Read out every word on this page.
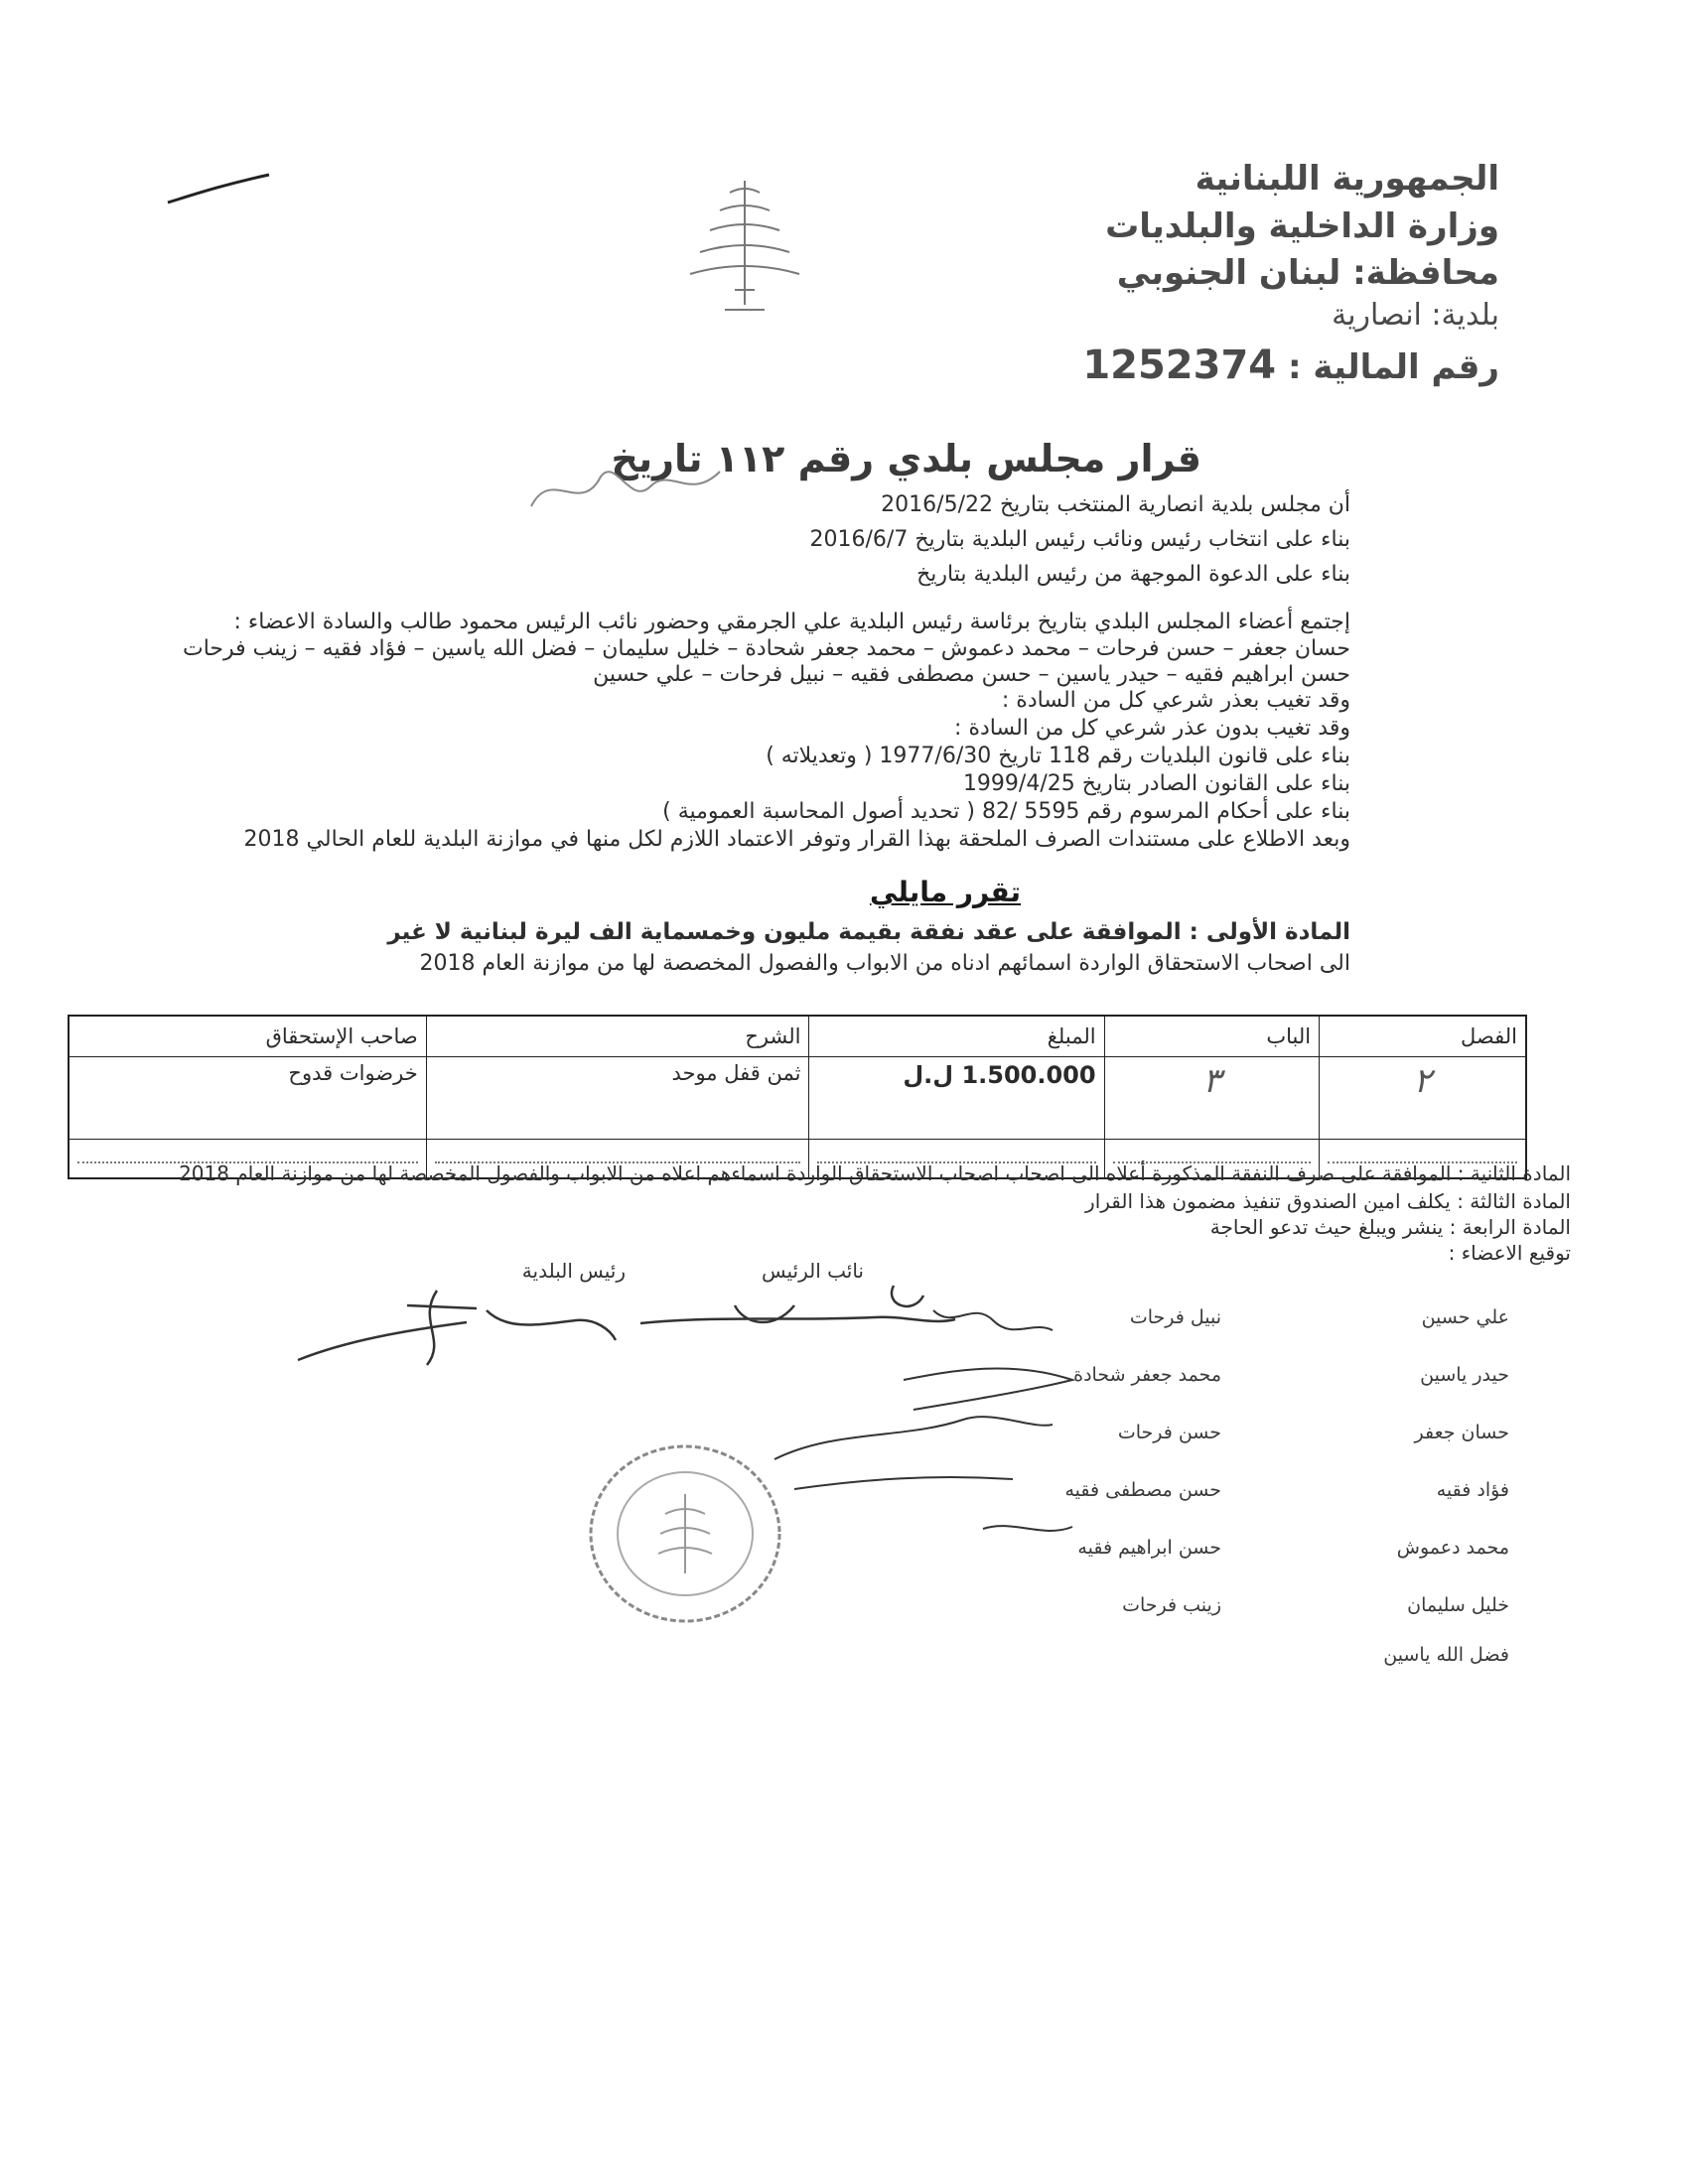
الجمهورية اللبنانية
وزارة الداخلية والبلديات
محافظة: لبنان الجنوبي
بلدية: انصارية
رقم المالية : 1252374
قرار مجلس بلدي رقم ١١٢ تاريخ
أن مجلس بلدية انصارية المنتخب بتاريخ 2016/5/22
بناء على انتخاب رئيس ونائب رئيس البلدية بتاريخ 2016/6/7
بناء على الدعوة الموجهة من رئيس البلدية بتاريخ
إجتمع أعضاء المجلس البلدي بتاريخ برئاسة رئيس البلدية علي الجرمقي وحضور نائب الرئيس محمود طالب والسادة الاعضاء :
حسان جعفر – حسن فرحات – محمد دعموش – محمد جعفر شحادة – خليل سليمان – فضل الله ياسين – فؤاد فقيه – زينب فرحات
حسن ابراهيم فقيه – حيدر ياسين – حسن مصطفى فقيه – نبيل فرحات – علي حسين
وقد تغيب بعذر شرعي كل من السادة :
وقد تغيب بدون عذر شرعي كل من السادة :
بناء على قانون البلديات رقم 118 تاريخ 1977/6/30 ( وتعديلاته )
بناء على القانون الصادر بتاريخ 1999/4/25
بناء على أحكام المرسوم رقم 5595 /82 ( تحديد أصول المحاسبة العمومية )
وبعد الاطلاع على مستندات الصرف الملحقة بهذا القرار وتوفر الاعتماد اللازم لكل منها في موازنة البلدية للعام الحالي 2018
تقرر مايلي
المادة الأولى : الموافقة على عقد نفقة بقيمة مليون وخمسماية الف ليرة لبنانية لا غير
الى اصحاب الاستحقاق الواردة اسمائهم ادناه من الابواب والفصول المخصصة لها من موازنة العام 2018
صاحب الإستحقاق	الشرح	المبلغ	الباب	الفصل
خرضوات قدوح	ثمن قفل موحد	1.500.000 ل.ل	٣	٢

المادة الثانية : الموافقة على صرف النفقة المذكورة أعلاه الى اصحاب اصحاب الاستحقاق الواردة اسماءهم اعلاه من الابواب والفصول المخصصة لها من موازنة العام 2018
المادة الثالثة : يكلف امين الصندوق تنفيذ مضمون هذا القرار
المادة الرابعة : ينشر ويبلغ حيث تدعو الحاجة
توقيع الاعضاء :
رئيس البلدية	نائب الرئيس
علي حسين
حيدر ياسين
حسان جعفر
فؤاد فقيه
محمد دعموش
خليل سليمان
فضل الله ياسين
نبيل فرحات
محمد جعفر شحادة
حسن فرحات
حسن مصطفى فقيه
حسن ابراهيم فقيه
زينب فرحات
